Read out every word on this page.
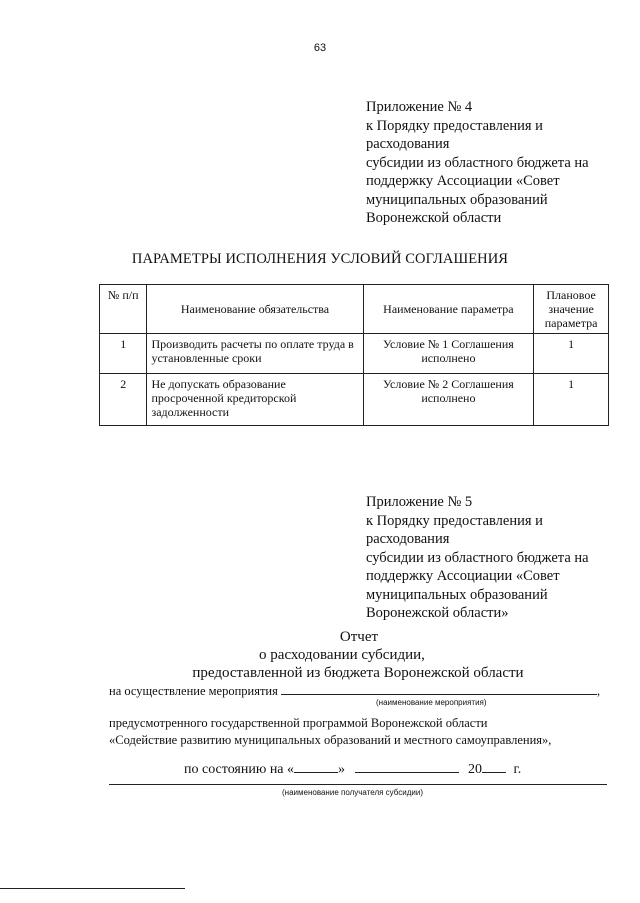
63
Приложение № 4
к Порядку предоставления и
расходования
субсидии из областного бюджета на
поддержку Ассоциации «Совет
муниципальных образований
Воронежской области
ПАРАМЕТРЫ ИСПОЛНЕНИЯ УСЛОВИЙ СОГЛАШЕНИЯ
№ п/п	Наименование обязательства	Наименование параметра	Плановое значение параметра
1	Производить расчеты по оплате труда в установленные сроки	Условие № 1 Соглашения исполнено	1
2	Не допускать образование просроченной кредиторской задолженности	Условие № 2 Соглашения исполнено	1
Приложение № 5
к Порядку предоставления и
расходования
субсидии из областного бюджета на
поддержку Ассоциации «Совет
муниципальных образований
Воронежской области»
Отчет
о расходовании субсидии,
предоставленной из бюджета Воронежской области
на осуществление мероприятия	,
(наименование мероприятия)
предусмотренного государственной программой Воронежской области
«Содействие развитию муниципальных образований и местного самоуправления»,
по состоянию на «	»	20 г.
(наименование получателя субсидии)
